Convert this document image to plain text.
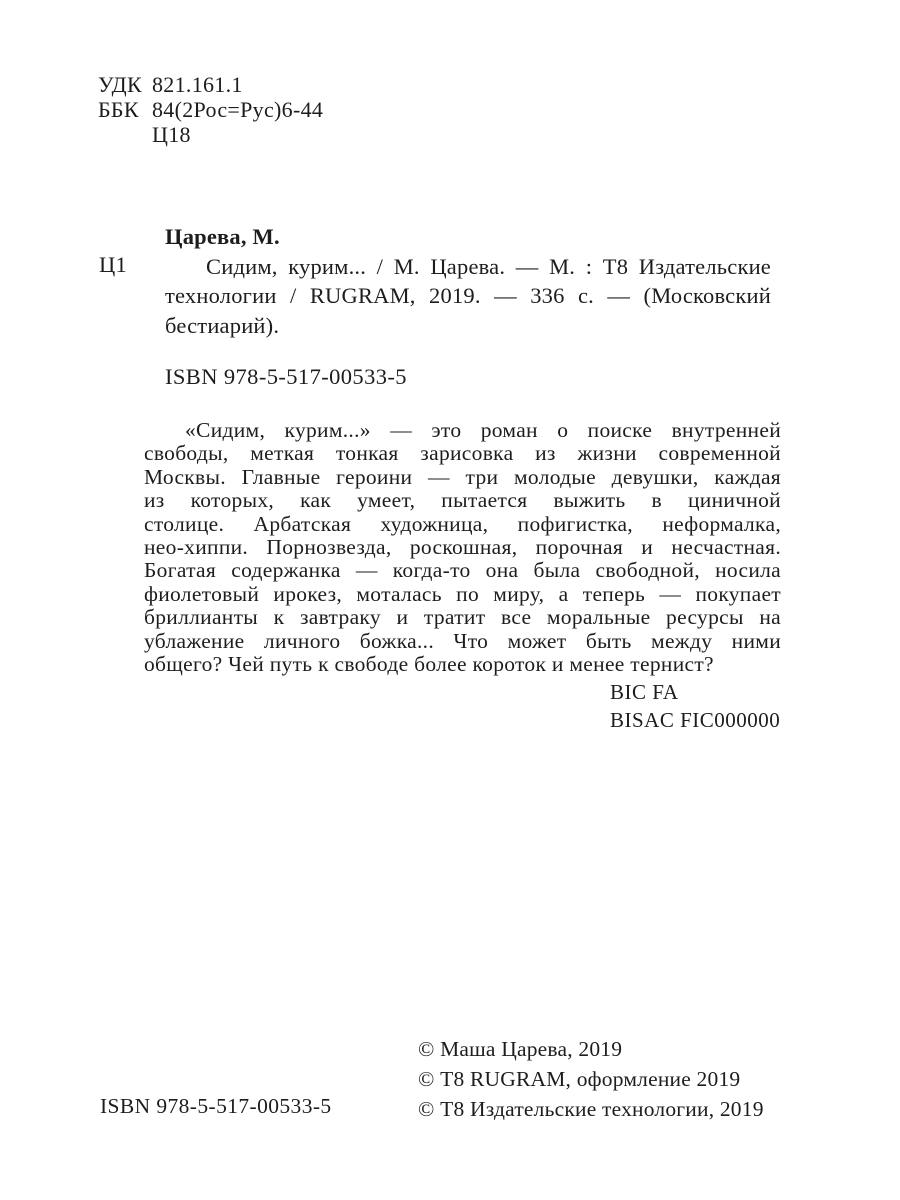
УДК 821.161.1
ББК 84(2Рос=Рус)6-44
Ц18
Ц1
Царева, М.
Сидим, курим... / М. Царева. — М. : Т8 Издательские
технологии / RUGRAM, 2019. — 336 с. — (Московский
бестиарий).
ISBN 978-5-517-00533-5
«Сидим, курим...» — это роман о поиске внутренней
свободы, меткая тонкая зарисовка из жизни современной
Москвы. Главные героини — три молодые девушки, каждая
из которых, как умеет, пытается выжить в циничной
столице. Арбатская художница, пофигистка, неформалка,
нео-хиппи. Порнозвезда, роскошная, порочная и несчастная.
Богатая содержанка — когда-то она была свободной, носила
фиолетовый ирокез, моталась по миру, а теперь — покупает
бриллианты к завтраку и тратит все моральные ресурсы на
ублажение личного божка... Что может быть между ними
общего? Чей путь к свободе более короток и менее тернист?
BIC FA
BISAC FIC000000
© Маша Царева, 2019
© Т8 RUGRAM, оформление 2019
© Т8 Издательские технологии, 2019
ISBN 978-5-517-00533-5
